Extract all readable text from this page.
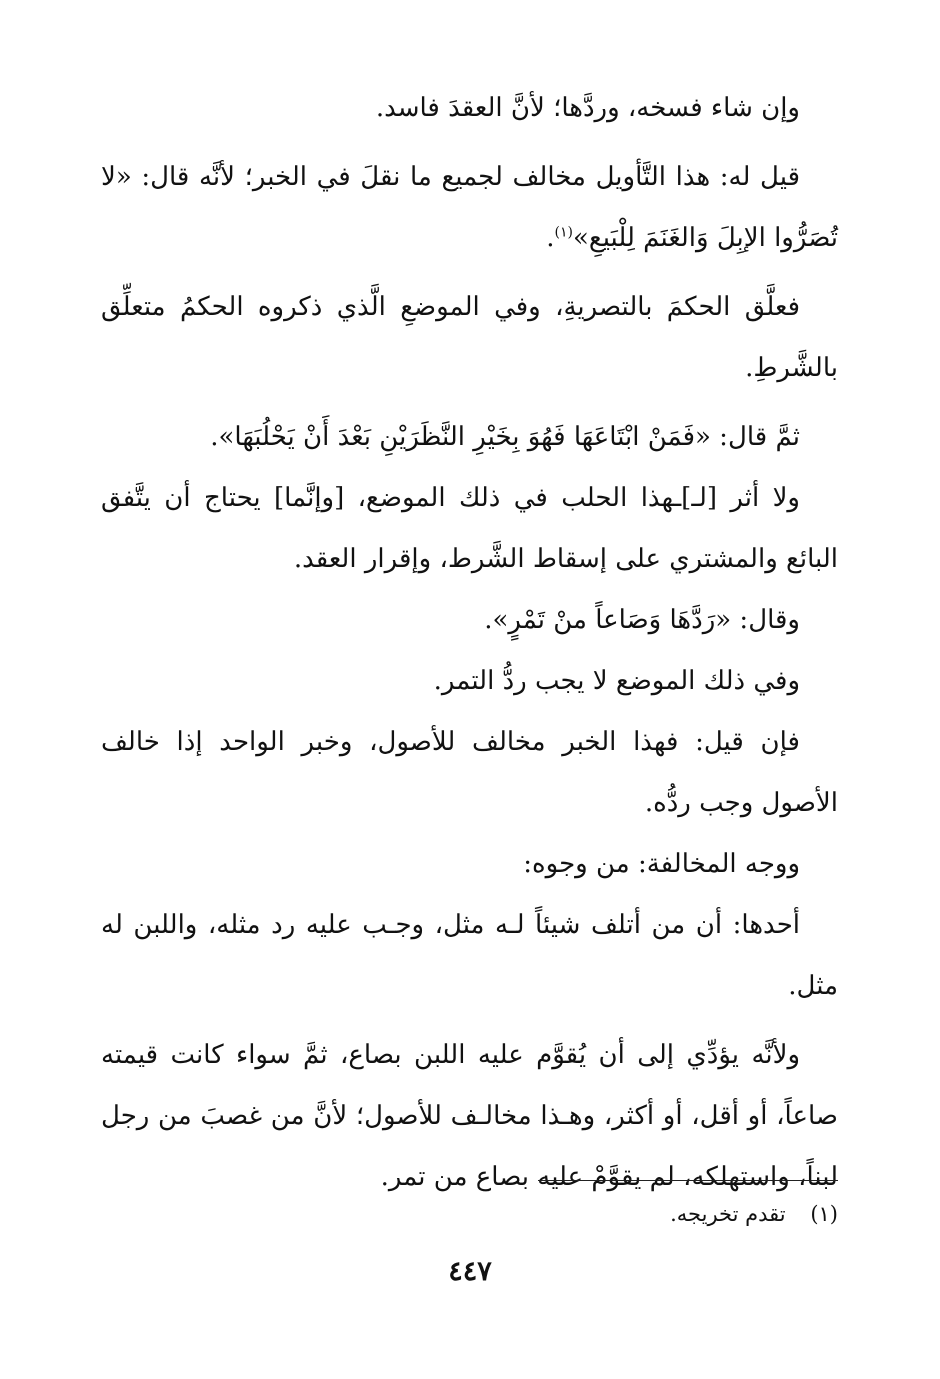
وإن شاء فسخه، وردَّها؛ لأنَّ العقدَ فاسد.

قيل له: هذا التَّأويل مخالف لجميع ما نقلَ في الخبر؛ لأنَّه قال: «لا تُصَرُّوا الإبِلَ وَالغَنَمَ لِلْبَيعِ»$^{(١)}$.

فعلَّق الحكمَ بالتصريةِ، وفي الموضعِ الَّذي ذكروه الحكمُ متعلِّق بالشَّرطِ.

ثمَّ قال: «فَمَنْ ابْتَاعَهَا فَهُوَ بِخَيْرِ النَّظَرَيْنِ بَعْدَ أَنْ يَحْلُبَهَا».

ولا أثر [لـ]ـهذا الحلب في ذلك الموضع، [وإنَّما] يحتاج أن يتَّفق البائع والمشتري على إسقاط الشَّرط، وإقرار العقد.

وقال: «رَدَّهَا وَصَاعاً منْ تَمْرٍ».

وفي ذلك الموضع لا يجب ردُّ التمر.

فإن قيل: فهذا الخبر مخالف للأصول، وخبر الواحد إذا خالف الأصول وجب ردُّه.

ووجه المخالفة: من وجوه:

أحدها: أن من أتلف شيئاً لـه مثل، وجـب عليه رد مثله، واللبن له مثل.

ولأنَّه يؤدِّي إلى أن يُقوَّم عليه اللبن بصاع، ثمَّ سواء كانت قيمته صاعاً، أو أقل، أو أكثر، وهـذا مخالـف للأصول؛ لأنَّ من غصبَ من رجل لبناً، واستهلكه، لم يقوَّمْ عليه بصاع من تمر.

(١) تقدم تخريجه.
٤٤٧
